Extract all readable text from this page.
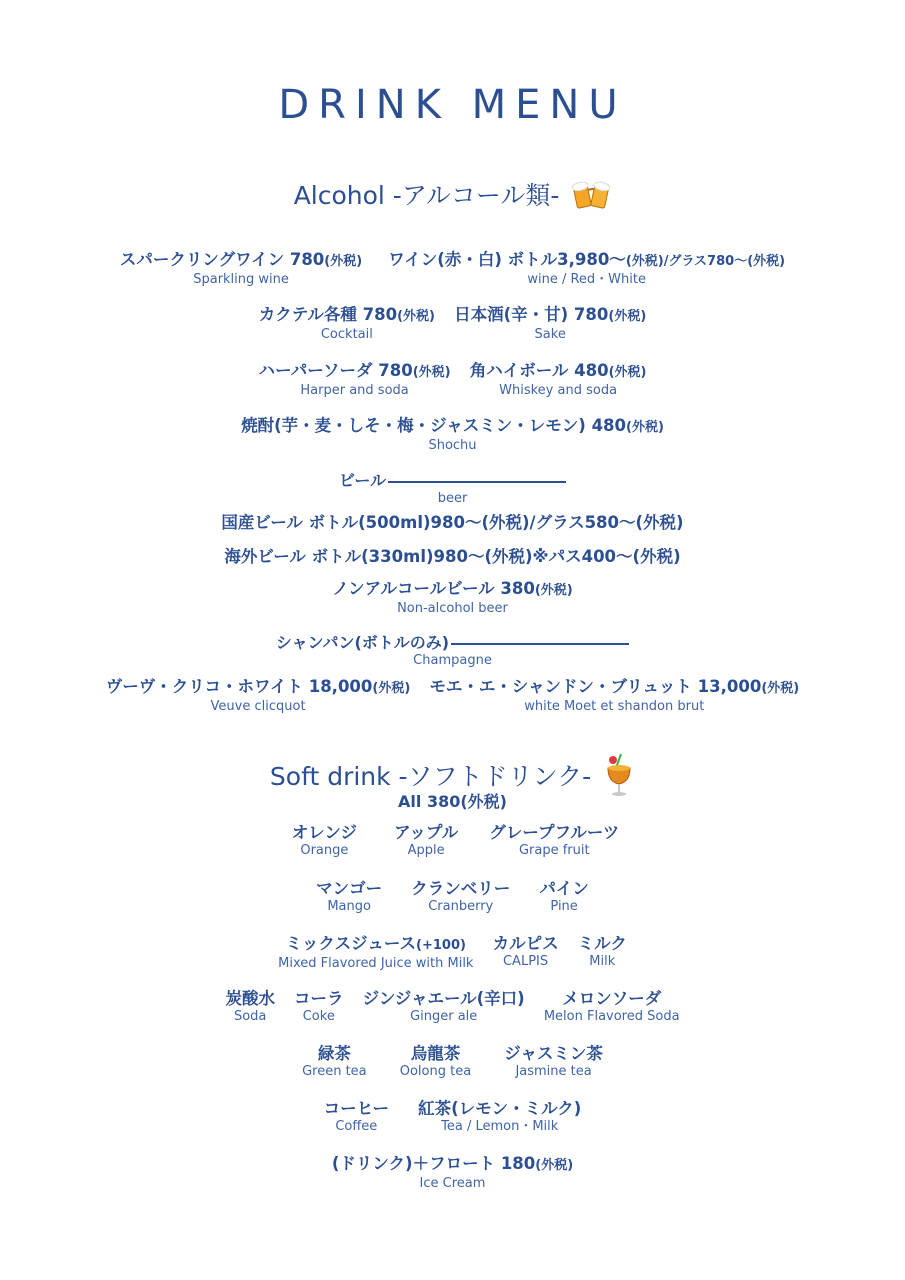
DRINK MENU
Alcohol -アルコール類-
スパークリングワイン 780(外税)
Sparkling wine

ワイン(赤・白) ボトル3,980～(外税)/グラス780～(外税)
wine / Red・White
カクテル各種 780(外税)
Cocktail

日本酒(辛・甘) 780(外税)
Sake
ハーパーソーダ 780(外税)
Harper and soda

角ハイボール 480(外税)
Whiskey and soda
焼酎(芋・麦・しそ・梅・ジャスミン・レモン) 480(外税)
Shochu
ビール
beer
国産ビール ボトル(500ml)980～(外税)/グラス580～(外税)
海外ビール ボトル(330ml)980～(外税)※パス400～(外税)
ノンアルコールビール 380(外税)
Non-alcohol beer
シャンパン(ボトルのみ)
Champagne
ヴーヴ・クリコ・ホワイト 18,000(外税)
Veuve clicquot

モエ・エ・シャンドン・ブリュット 13,000(外税)
white Moet et shandon brut
Soft drink -ソフトドリンク-
All 380(外税)
オレンジ
Orange

アップル
Apple

グレープフルーツ
Grape fruit
マンゴー
Mango

クランベリー
Cranberry

パイン
Pine
ミックスジュース(+100)
Mixed Flavored Juice with Milk

カルピス
CALPIS

ミルク
Milk
炭酸水
Soda

コーラ
Coke

ジンジャエール(辛口)
Ginger ale

メロンソーダ
Melon Flavored Soda
緑茶
Green tea

烏龍茶
Oolong tea

ジャスミン茶
Jasmine tea
コーヒー
Coffee

紅茶(レモン・ミルク)
Tea / Lemon・Milk
(ドリンク)＋フロート 180(外税)
Ice Cream
